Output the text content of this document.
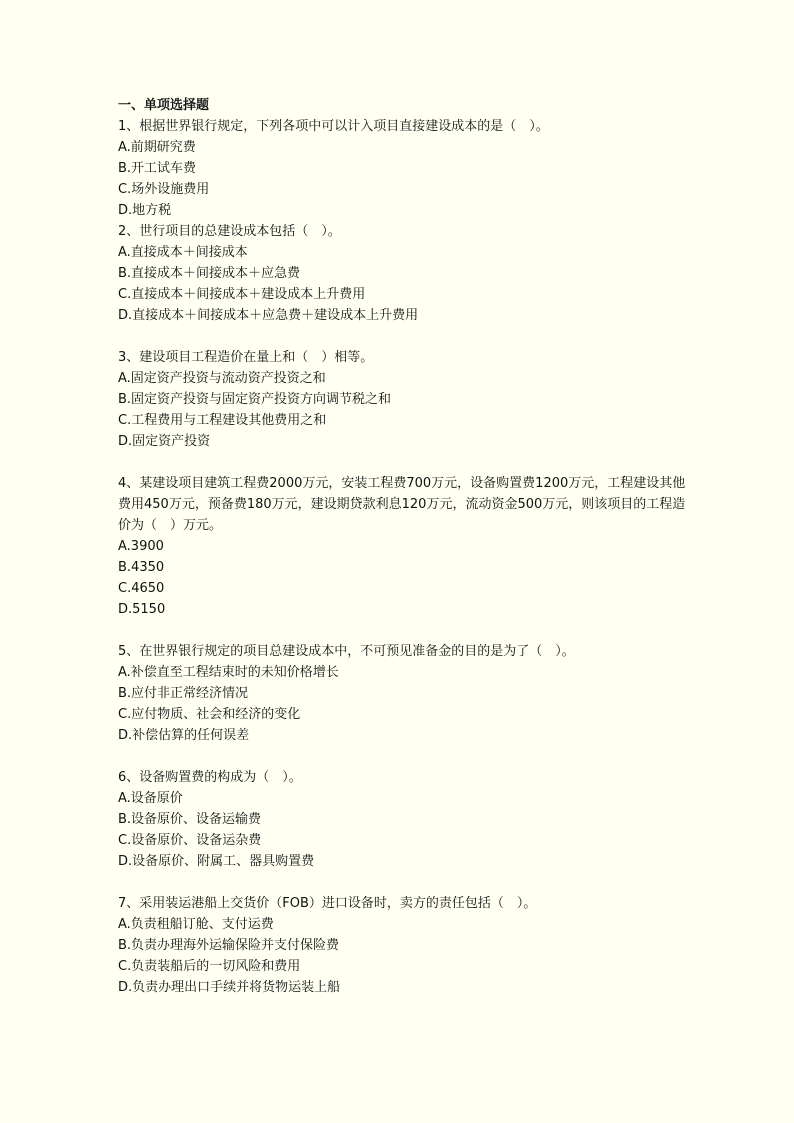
一、单项选择题
1、根据世界银行规定，下列各项中可以计入项目直接建设成本的是（　）。
A.前期研究费
B.开工试车费
C.场外设施费用
D.地方税
2、世行项目的总建设成本包括（　）。
A.直接成本＋间接成本
B.直接成本＋间接成本＋应急费
C.直接成本＋间接成本＋建设成本上升费用
D.直接成本＋间接成本＋应急费＋建设成本上升费用
3、建设项目工程造价在量上和（　）相等。
A.固定资产投资与流动资产投资之和
B.固定资产投资与固定资产投资方向调节税之和
C.工程费用与工程建设其他费用之和
D.固定资产投资
4、某建设项目建筑工程费2000万元，安装工程费700万元，设备购置费1200万元，工程建设其他费用450万元，预备费180万元，建设期贷款利息120万元，流动资金500万元，则该项目的工程造价为（　）万元。
A.3900
B.4350
C.4650
D.5150
5、在世界银行规定的项目总建设成本中，不可预见准备金的目的是为了（　）。
A.补偿直至工程结束时的未知价格增长
B.应付非正常经济情况
C.应付物质、社会和经济的变化
D.补偿估算的任何误差
6、设备购置费的构成为（　）。
A.设备原价
B.设备原价、设备运输费
C.设备原价、设备运杂费
D.设备原价、附属工、器具购置费
7、采用装运港船上交货价（FOB）进口设备时，卖方的责任包括（　）。
A.负责租船订舱、支付运费
B.负责办理海外运输保险并支付保险费
C.负责装船后的一切风险和费用
D.负责办理出口手续并将货物运装上船
